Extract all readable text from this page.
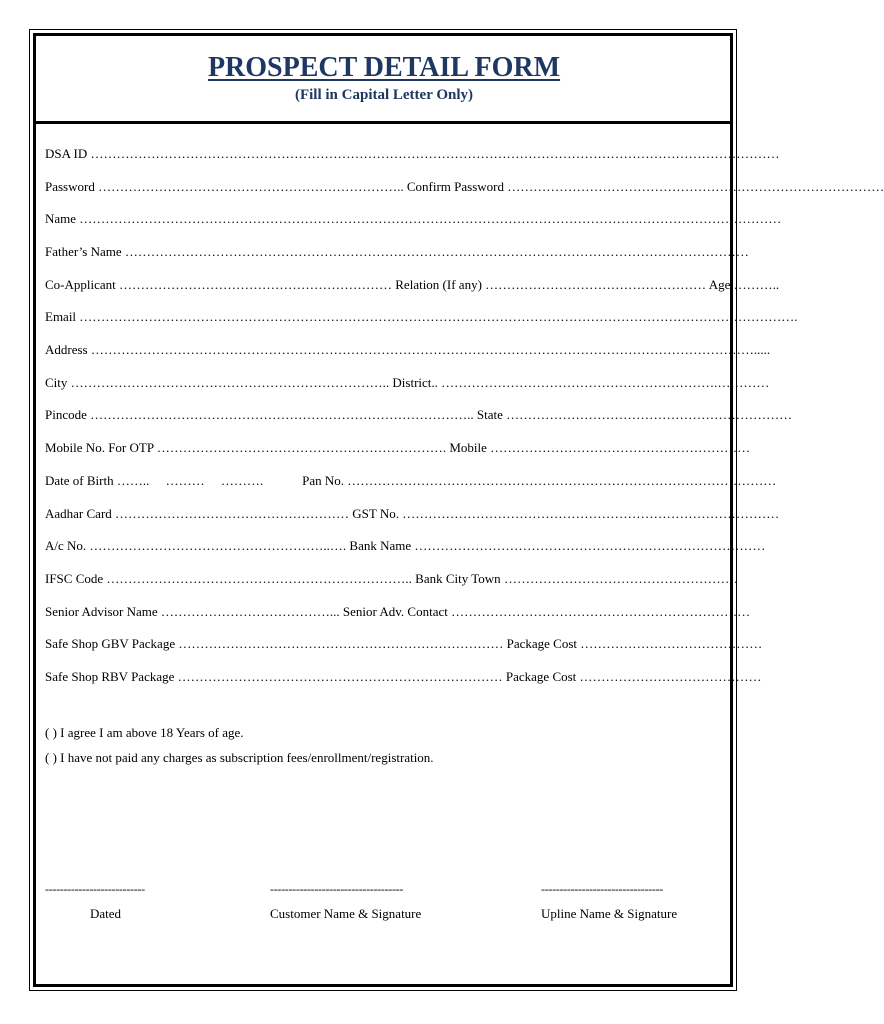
PROSPECT DETAIL FORM
(Fill in Capital Letter Only)
DSA ID ……………………………………………………………………………………………………………………………………………
Password …………………………………………………………….. Confirm Password ……………………………………………………………………………
Name ………………………………………………………………………………………………………………………………………………
Father’s Name ………………………………………………………………………………………………………………………………
Co-Applicant ……………………………………………………… Relation (If any) …………………………………………… Age ………..
Email ………………………………………………………………………………………………………………………………………………….
Address ……………………………………………………………………………………………………………………………………….....
City ……………………………………………………………….. District.. ……………………………………………………….…………
Pincode …………………………………………………………………………….. State …………………………………………………………
Mobile No. For OTP …………………………………………………………. Mobile ……………………………………………………
Date of Birth ……..     ………     ……….            Pan No. ………………………………………………………………………………………
Aadhar Card ……………………………………………… GST No. ……………………………………………………………………………
A/c No. ………………………………………………..…. Bank Name ………………………………………………………………………
IFSC Code …………………………………………………………….. Bank City Town ………………………………………………
Senior Advisor Name …………………………………... Senior Adv. Contact ……………………………………………………………
Safe Shop GBV Package ………………………………………………………………… Package Cost ……………………………………
Safe Shop RBV Package ………………………………………………………………… Package Cost ……………………………………
( ) I agree I am above 18 Years of age.
( ) I have not paid any charges as subscription fees/enrollment/registration.
---------------------------
Dated
------------------------------------
Customer Name & Signature
---------------------------------
Upline Name & Signature
